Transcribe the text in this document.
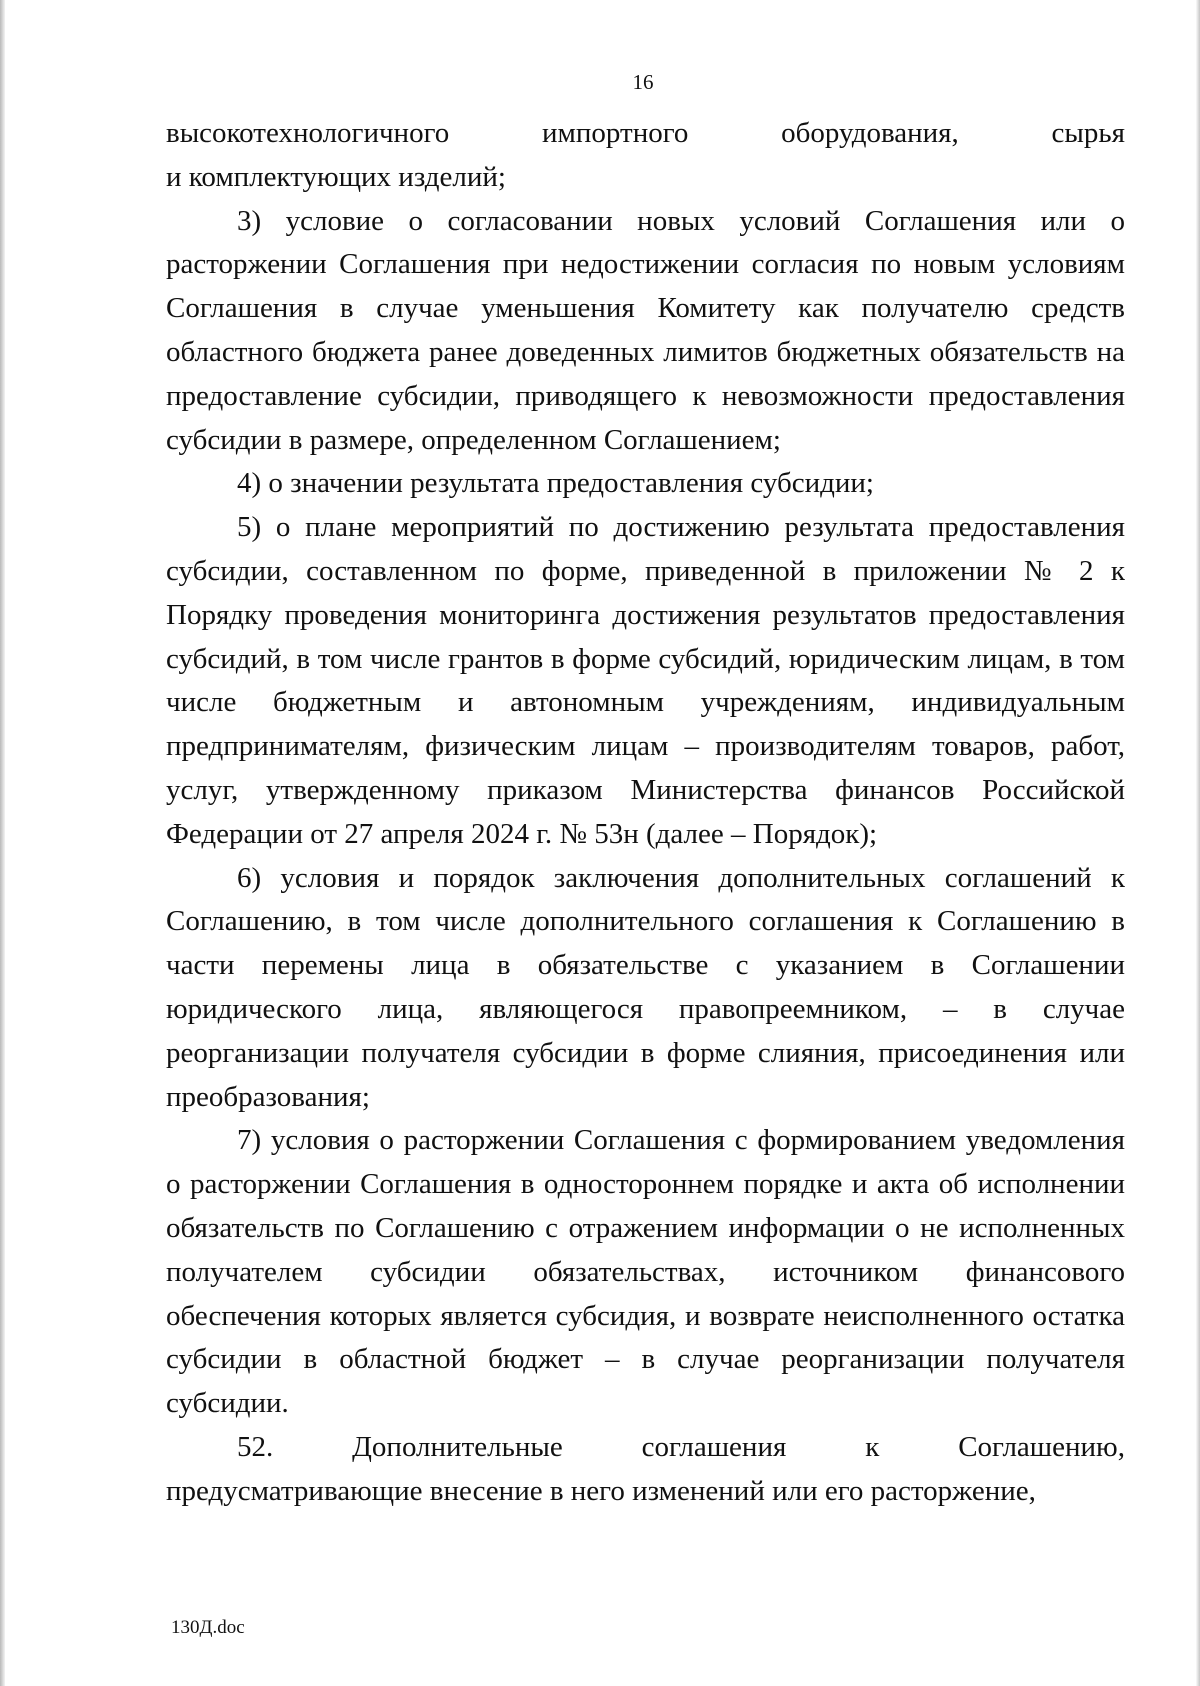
16
высокотехнологичного	импортного	оборудования,	сырья

и комплектующих изделий;

3) условие о согласовании новых условий Соглашения или о расторжении Соглашения при недостижении согласия по новым условиям Соглашения в случае уменьшения Комитету как получателю средств областного бюджета ранее доведенных лимитов бюджетных обязательств на предоставление субсидии, приводящего к невозможности предоставления субсидии в размере, определенном Соглашением;

4) о значении результата предоставления субсидии;

5) о плане мероприятий по достижению результата предоставления субсидии, составленном по форме, приведенной в приложении № 2 к Порядку проведения мониторинга достижения результатов предоставления субсидий, в том числе грантов в форме субсидий, юридическим лицам, в том числе бюджетным и автономным учреждениям, индивидуальным предпринимателям, физическим лицам – производителям товаров, работ, услуг, утвержденному приказом Министерства финансов Российской Федерации от 27 апреля 2024 г. № 53н (далее – Порядок);

6) условия и порядок заключения дополнительных соглашений к Соглашению, в том числе дополнительного соглашения к Соглашению в части перемены лица в обязательстве с указанием в Соглашении юридического лица, являющегося правопреемником, – в случае реорганизации получателя субсидии в форме слияния, присоединения или преобразования;

7) условия о расторжении Соглашения с формированием уведомления о расторжении Соглашения в одностороннем порядке и акта об исполнении обязательств по Соглашению с отражением информации о не исполненных получателем субсидии обязательствах, источником финансового обеспечения которых является субсидия, и возврате неисполненного остатка субсидии в областной бюджет – в случае реорганизации получателя субсидии.

52.	Дополнительные	соглашения	к	Соглашению,

предусматривающие внесение в него изменений или его расторжение,

130Д.doc
